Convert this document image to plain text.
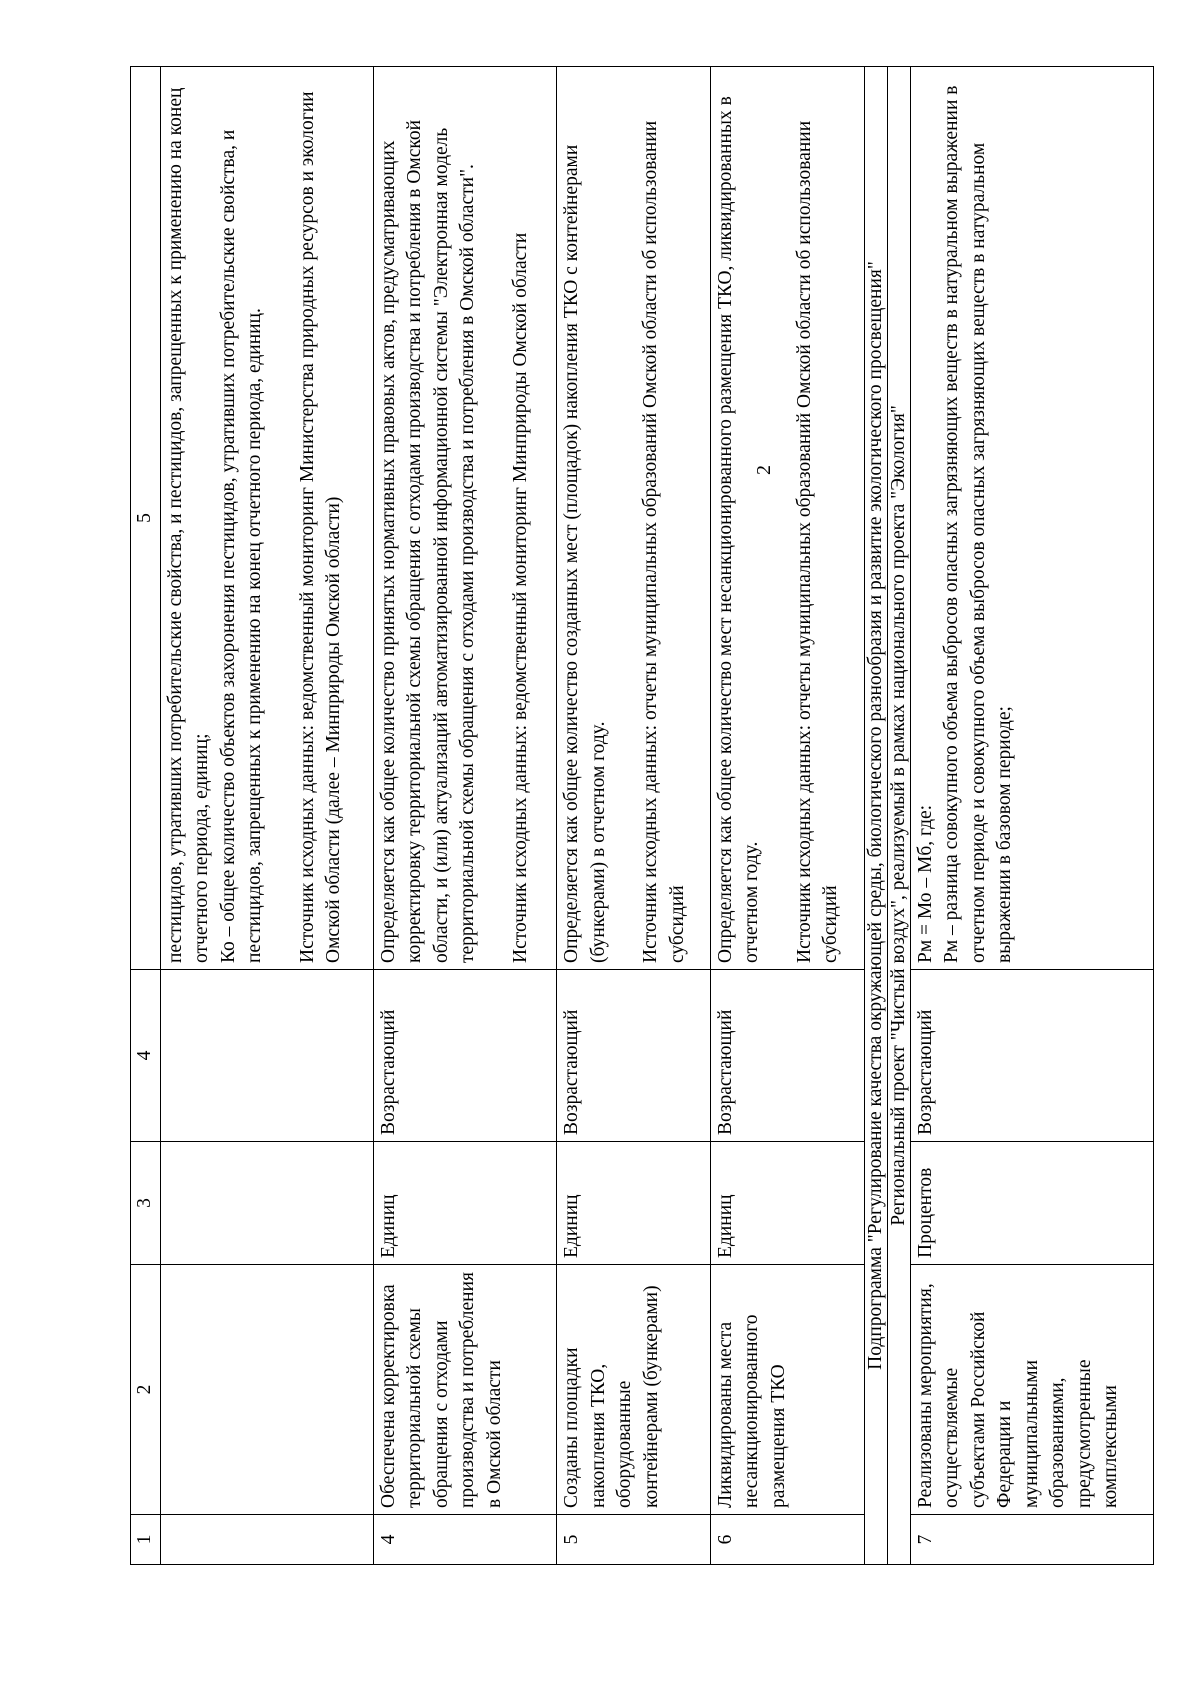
2
1	2	3	4	5

				пестицидов, утративших потребительские свойства, и пестицидов, запрещенных к применению на конец отчетного периода, единиц; Ко – общее количество объектов захоронения пестицидов, утративших потребительские свойства, и пестицидов, запрещенных к применению на конец отчетного периода, единиц. Источник исходных данных: ведомственный мониторинг Министерства природных ресурсов и экологии Омской области (далее – Минприроды Омской области)

4	Обеспечена корректировка территориальной схемы обращения с отходами производства и потребления в Омской области	Единиц	Возрастающий	Определяется как общее количество принятых нормативных правовых актов, предусматривающих корректировку территориальной схемы обращения с отходами производства и потребления в Омской области, и (или) актуализаций автоматизированной информационной системы "Электронная модель территориальной схемы обращения с отходами производства и потребления в Омской области". Источник исходных данных: ведомственный мониторинг Минприроды Омской области

5	Созданы площадки накопления ТКО, оборудованные контейнерами (бункерами)	Единиц	Возрастающий	Определяется как общее количество созданных мест (площадок) накопления ТКО с контейнерами (бункерами) в отчетном году. Источник исходных данных: отчеты муниципальных образований Омской области об использовании субсидий

6	Ликвидированы места несанкционированного размещения ТКО	Единиц	Возрастающий	Определяется как общее количество мест несанкционированного размещения ТКО, ликвидированных в отчетном году. Источник исходных данных: отчеты муниципальных образований Омской области об использовании субсидий

Подпрограмма "Регулирование качества окружающей среды, биологического разнообразия и развитие экологического просвещения"				
Региональный проект "Чистый воздух", реализуемый в рамках национального проекта "Экология"				
7	Реализованы мероприятия, осуществляемые субъектами Российской Федерации и муниципальными образованиями, предусмотренные комплексными	Процентов	Возрастающий	Рм = Мо – Мб, где: Рм – разница совокупного объема выбросов опасных загрязняющих веществ в натуральном выражении в отчетном периоде и совокупного объема выбросов опасных загрязняющих веществ в натуральном выражении в базовом периоде;
